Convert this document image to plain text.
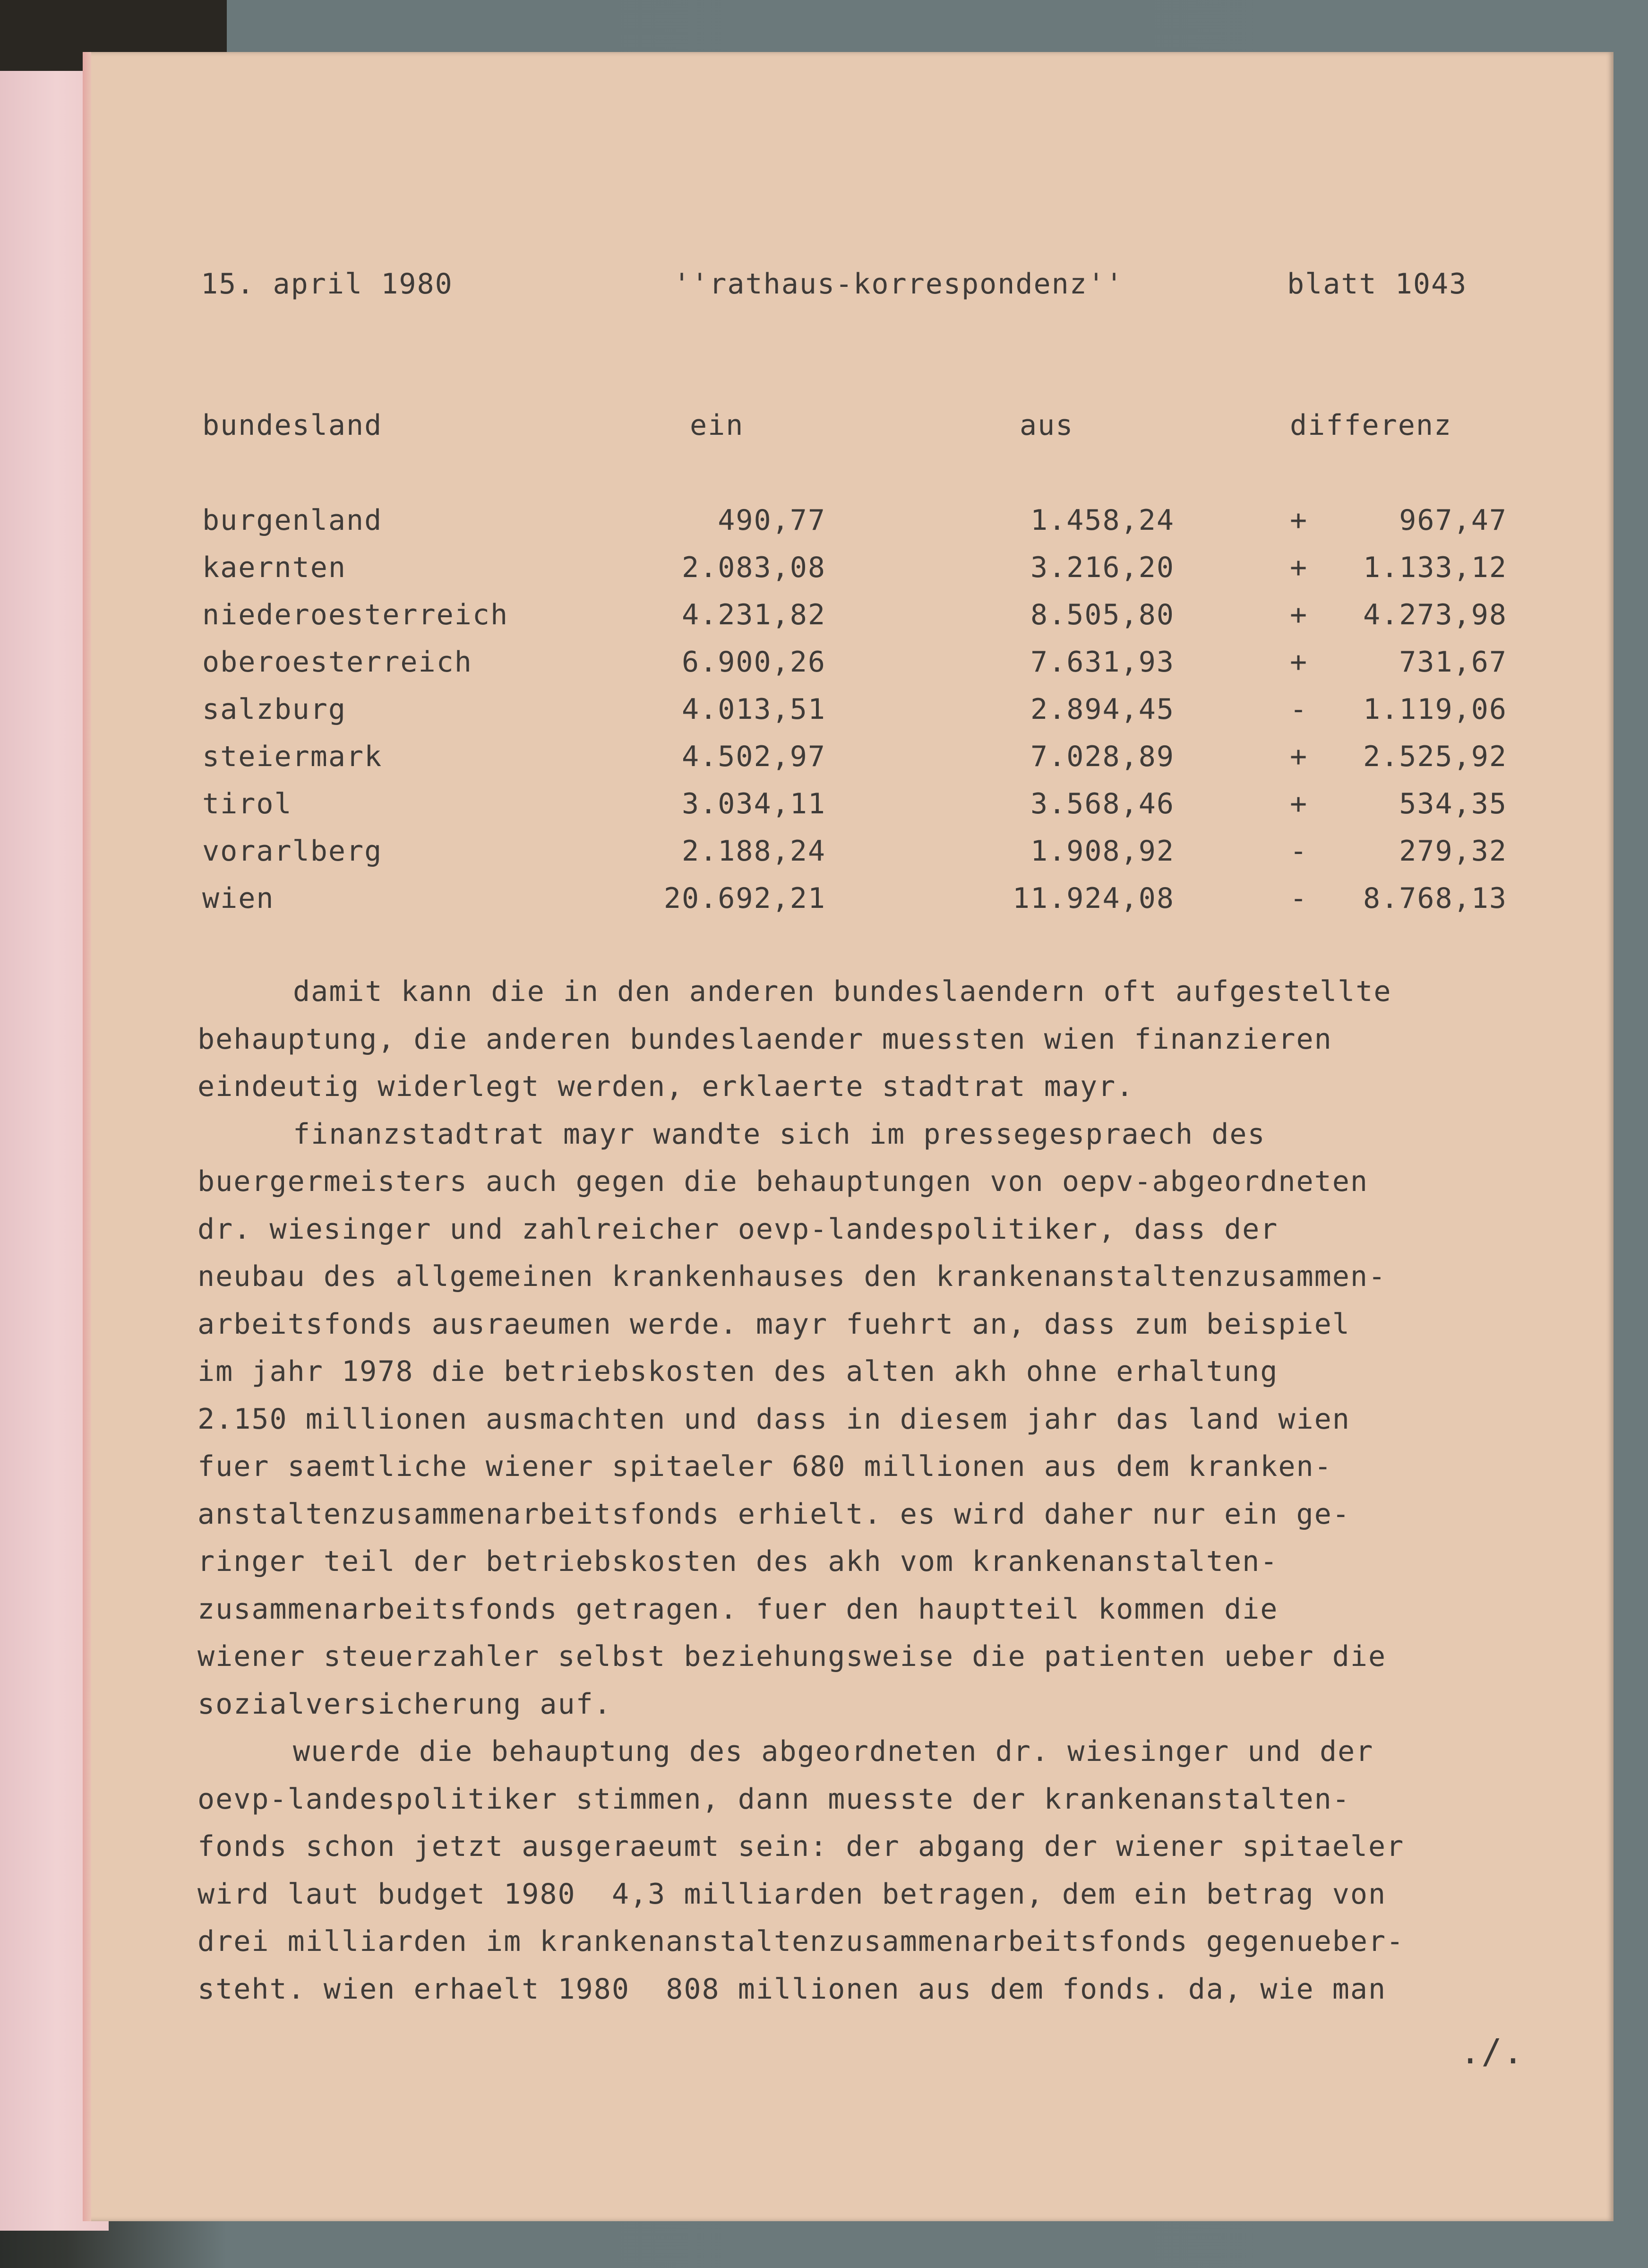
15. april 1980	''rathaus-korrespondenz''	blatt 1043
bundesland	ein	aus	differenz
burgenland	490,77	1.458,24	+	967,47
kaernten	2.083,08	3.216,20	+ 1.133,12
niederoesterreich	4.231,82	8.505,80	+ 4.273,98
oberoesterreich	6.900,26	7.631,93	+	731,67
salzburg	4.013,51	2.894,45	- 1.119,06
steiermark	4.502,97	7.028,89	+ 2.525,92
tirol	3.034,11	3.568,46	+	534,35
vorarlberg	2.188,24	1.908,92	-	279,32
wien	20.692,21	11.924,08	- 8.768,13
damit kann die in den anderen bundeslaendern oft aufgestellte
behauptung, die anderen bundeslaender muessten wien finanzieren
eindeutig widerlegt werden, erklaerte stadtrat mayr.
finanzstadtrat mayr wandte sich im pressegespraech des
buergermeisters auch gegen die behauptungen von oepv-abgeordneten
dr. wiesinger und zahlreicher oevp-landespolitiker, dass der
neubau des allgemeinen krankenhauses den krankenanstaltenzusammen-
arbeitsfonds ausraeumen werde. mayr fuehrt an, dass zum beispiel
im jahr 1978 die betriebskosten des alten akh ohne erhaltung
2.150 millionen ausmachten und dass in diesem jahr das land wien
fuer saemtliche wiener spitaeler 680 millionen aus dem kranken-
anstaltenzusammenarbeitsfonds erhielt. es wird daher nur ein ge-
ringer teil der betriebskosten des akh vom krankenanstalten-
zusammenarbeitsfonds getragen. fuer den hauptteil kommen die
wiener steuerzahler selbst beziehungsweise die patienten ueber die
sozialversicherung auf.
wuerde die behauptung des abgeordneten dr. wiesinger und der
oevp-landespolitiker stimmen, dann muesste der krankenanstalten-
fonds schon jetzt ausgeraeumt sein: der abgang der wiener spitaeler
wird laut budget 1980  4,3 milliarden betragen, dem ein betrag von
drei milliarden im krankenanstaltenzusammenarbeitsfonds gegenueber-
steht. wien erhaelt 1980  808 millionen aus dem fonds. da, wie man
./.
